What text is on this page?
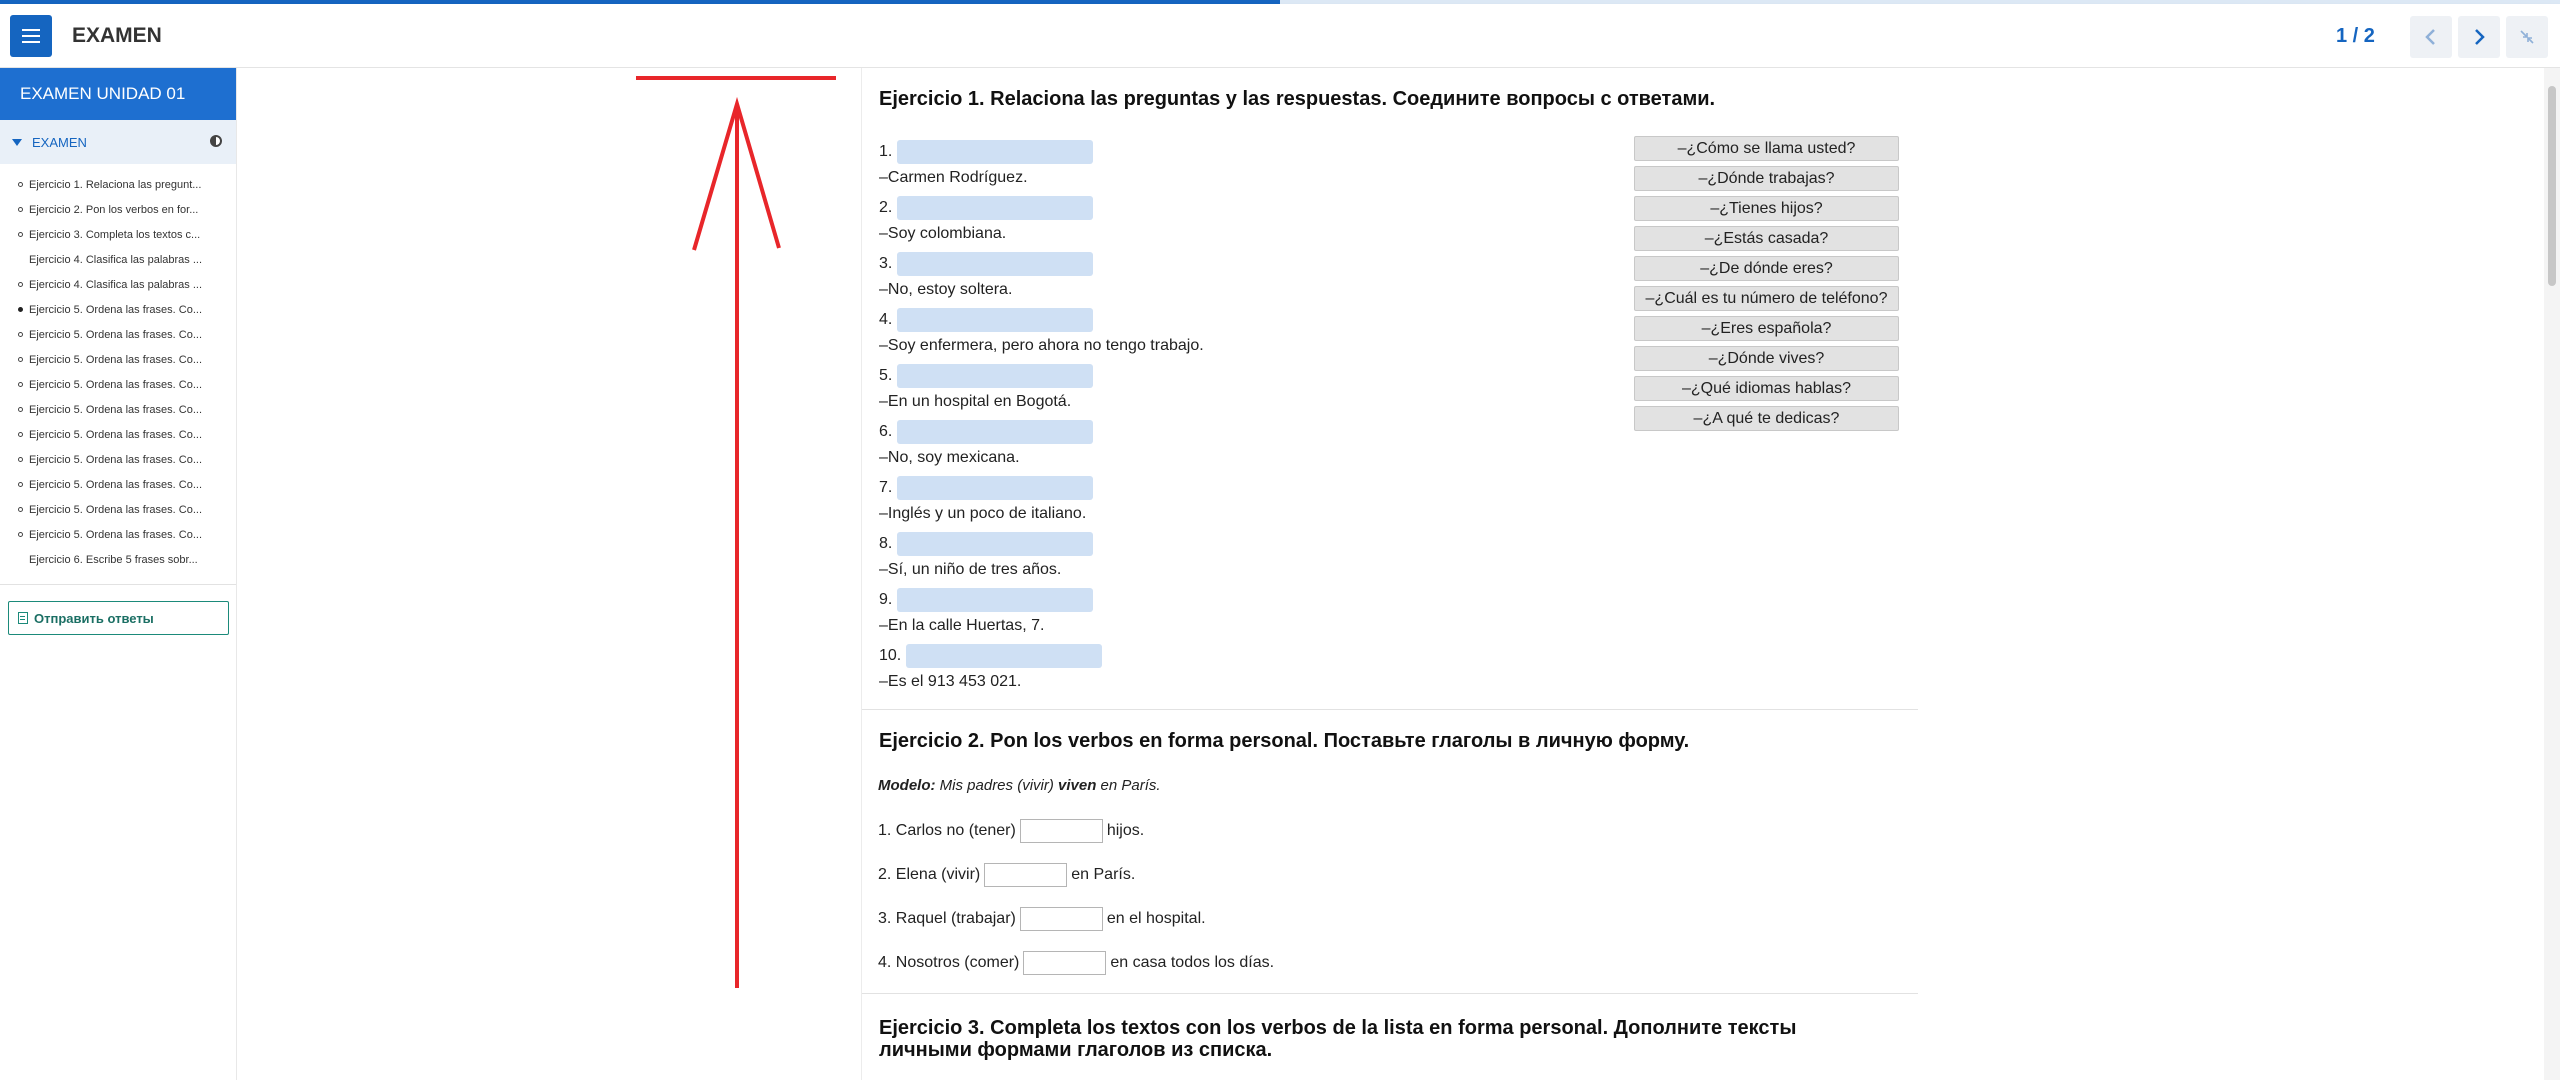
EXAMEN	1 / 2
EXAMEN UNIDAD 01
EXAMEN
Ejercicio 1. Relaciona las pregunt...
Ejercicio 2. Pon los verbos en for...
Ejercicio 3. Completa los textos c...
Ejercicio 4. Clasifica las palabras ...
Ejercicio 4. Clasifica las palabras ...
Ejercicio 5. Ordena las frases. Co...
Ejercicio 5. Ordena las frases. Co...
Ejercicio 5. Ordena las frases. Co...
Ejercicio 5. Ordena las frases. Co...
Ejercicio 5. Ordena las frases. Co...
Ejercicio 5. Ordena las frases. Co...
Ejercicio 5. Ordena las frases. Co...
Ejercicio 5. Ordena las frases. Co...
Ejercicio 5. Ordena las frases. Co...
Ejercicio 5. Ordena las frases. Co...
Ejercicio 6. Escribe 5 frases sobr...
Отправить ответы
Ejercicio 1. Relaciona las preguntas y las respuestas. Соедините вопросы с ответами.
1.
–Carmen Rodríguez.
2.
–Soy colombiana.
3.
–No, estoy soltera.
4.
–Soy enfermera, pero ahora no tengo trabajo.
5.
–En un hospital en Bogotá.
6.
–No, soy mexicana.
7.
–Inglés y un poco de italiano.
8.
–Sí, un niño de tres años.
9.
–En la calle Huertas, 7.
10.
–Es el 913 453 021.
–¿Cómo se llama usted?
–¿Dónde trabajas?
–¿Tienes hijos?
–¿Estás casada?
–¿De dónde eres?
–¿Cuál es tu número de teléfono?
–¿Eres española?
–¿Dónde vives?
–¿Qué idiomas hablas?
–¿A qué te dedicas?
Ejercicio 2. Pon los verbos en forma personal. Поставьте глаголы в личную форму.
Modelo: Mis padres (vivir) viven en París.
1. Carlos no (tener)	hijos.
2. Elena (vivir)	en París.
3. Raquel (trabajar)	en el hospital.
4. Nosotros (comer)	en casa todos los días.
Ejercicio 3. Completa los textos con los verbos de la lista en forma personal. Дополните тексты
личными формами глаголов из списка.
